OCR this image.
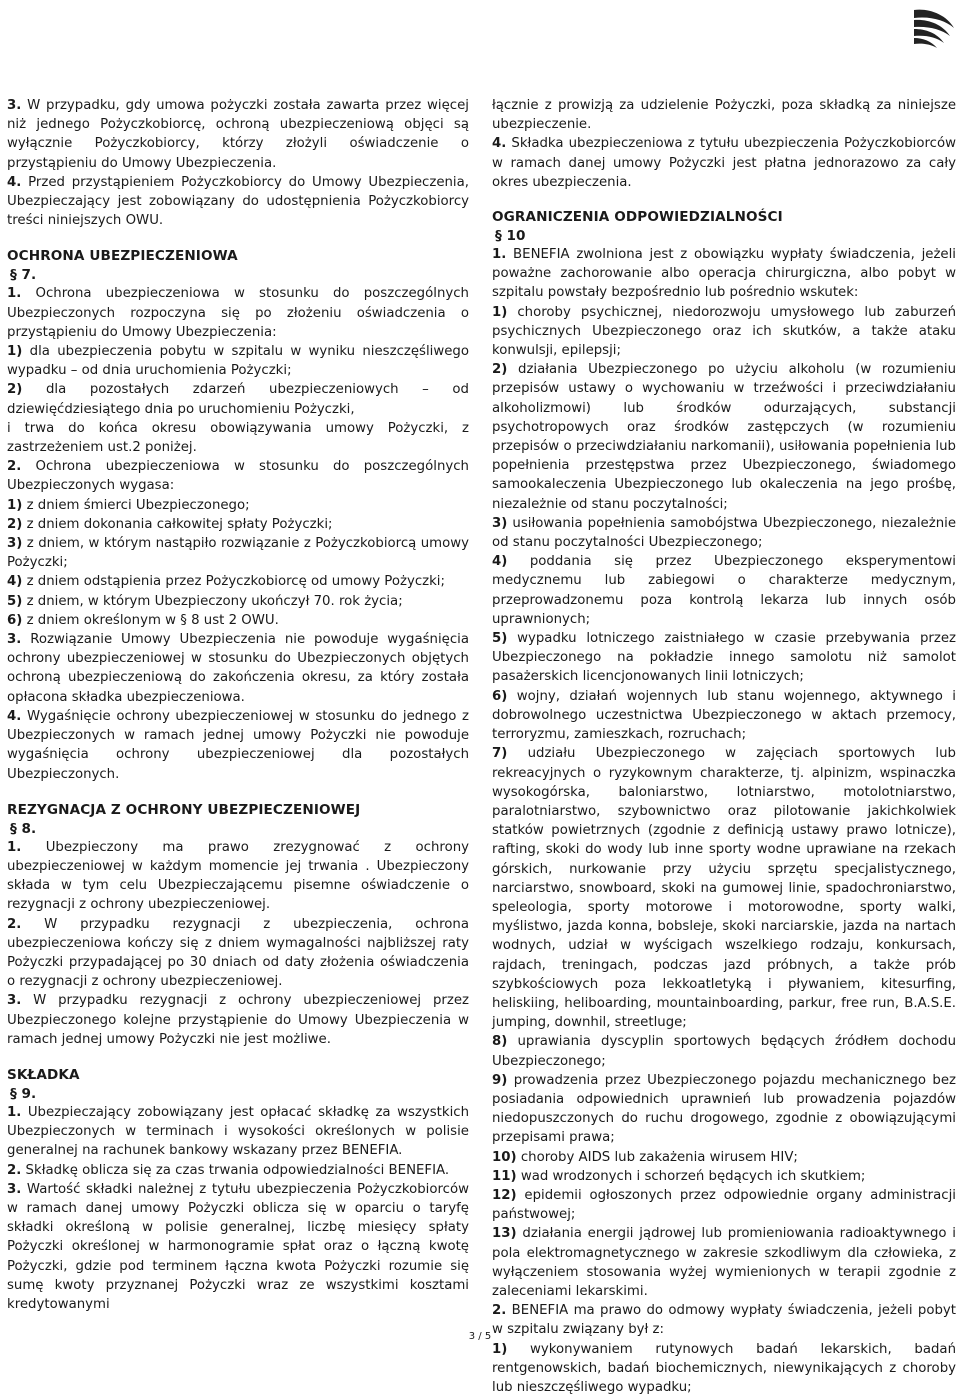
3. W przypadku, gdy umowa pożyczki została zawarta przez więcej niż jednego Pożyczkobiorcę, ochroną ubezpieczeniową objęci są wyłącznie Pożyczkobiorcy, którzy złożyli oświadczenie o przystąpieniu do Umowy Ubezpieczenia.

4. Przed przystąpieniem Pożyczkobiorcy do Umowy Ubezpieczenia, Ubezpieczający jest zobowiązany do udostępnienia Pożyczkobiorcy treści niniejszych OWU.

OCHRONA UBEZPIECZENIOWA
§ 7.

1. Ochrona ubezpieczeniowa w stosunku do poszczególnych Ubezpieczonych rozpoczyna się po złożeniu oświadczenia o przystąpieniu do Umowy Ubezpieczenia:

1) dla ubezpieczenia pobytu w szpitalu w wyniku nieszczęśliwego wypadku – od dnia uruchomienia Pożyczki;

2) dla pozostałych zdarzeń ubezpieczeniowych – od dziewięćdziesiątego dnia po uruchomieniu Pożyczki,

i trwa do końca okresu obowiązywania umowy Pożyczki, z zastrzeżeniem ust.2 poniżej.

2. Ochrona ubezpieczeniowa w stosunku do poszczególnych Ubezpieczonych wygasa:

1) z dniem śmierci Ubezpieczonego;

2) z dniem dokonania całkowitej spłaty Pożyczki;

3) z dniem, w którym nastąpiło rozwiązanie z Pożyczkobiorcą umowy Pożyczki;

4) z dniem odstąpienia przez Pożyczkobiorcę od umowy Pożyczki;

5) z dniem, w którym Ubezpieczony ukończył 70. rok życia;

6) z dniem określonym w § 8 ust 2 OWU.

3. Rozwiązanie Umowy Ubezpieczenia nie powoduje wygaśnięcia ochrony ubezpieczeniowej w stosunku do Ubezpieczonych objętych ochroną ubezpieczeniową do zakończenia okresu, za który została opłacona składka ubezpieczeniowa.

4. Wygaśnięcie ochrony ubezpieczeniowej w stosunku do jednego z Ubezpieczonych w ramach jednej umowy Pożyczki nie powoduje wygaśnięcia ochrony ubezpieczeniowej dla pozostałych Ubezpieczonych.

REZYGNACJA Z OCHRONY UBEZPIECZENIOWEJ
§ 8.

1. Ubezpieczony ma prawo zrezygnować z ochrony ubezpieczeniowej w każdym momencie jej trwania . Ubezpieczony składa w tym celu Ubezpieczającemu pisemne oświadczenie o rezygnacji z ochrony ubezpieczeniowej.

2. W przypadku rezygnacji z ubezpieczenia, ochrona ubezpieczeniowa kończy się z dniem wymagalności najbliższej raty Pożyczki przypadającej po 30 dniach od daty złożenia oświadczenia o rezygnacji z ochrony ubezpieczeniowej.

3. W przypadku rezygnacji z ochrony ubezpieczeniowej przez Ubezpieczonego kolejne przystąpienie do Umowy Ubezpieczenia w ramach jednej umowy Pożyczki nie jest możliwe.

SKŁADKA
§ 9.

1. Ubezpieczający zobowiązany jest opłacać składkę za wszystkich Ubezpieczonych w terminach i wysokości określonych w polisie generalnej na rachunek bankowy wskazany przez BENEFIA.

2. Składkę oblicza się za czas trwania odpowiedzialności BENEFIA.

3. Wartość składki należnej z tytułu ubezpieczenia Pożyczkobiorców w ramach danej umowy Pożyczki oblicza się w oparciu o taryfę składki określoną w polisie generalnej, liczbę miesięcy spłaty Pożyczki określonej w harmonogramie spłat oraz o łączną kwotę Pożyczki, gdzie pod terminem łączna kwota Pożyczki rozumie się sumę kwoty przyznanej Pożyczki wraz ze wszystkimi kosztami kredytowanymi

łącznie z prowizją za udzielenie Pożyczki, poza składką za niniejsze ubezpieczenie.

4. Składka ubezpieczeniowa z tytułu ubezpieczenia Pożyczkobiorców w ramach danej umowy Pożyczki jest płatna jednorazowo za cały okres ubezpieczenia.

OGRANICZENIA ODPOWIEDZIALNOŚCI
§ 10

1. BENEFIA zwolniona jest z obowiązku wypłaty świadczenia, jeżeli poważne zachorowanie albo operacja chirurgiczna, albo pobyt w szpitalu powstały bezpośrednio lub pośrednio wskutek:

1) choroby psychicznej, niedorozwoju umysłowego lub zaburzeń psychicznych Ubezpieczonego oraz ich skutków, a także ataku konwulsji, epilepsji;

2) działania Ubezpieczonego po użyciu alkoholu (w rozumieniu przepisów ustawy o wychowaniu w trzeźwości i przeciwdziałaniu alkoholizmowi) lub środków odurzających, substancji psychotropowych oraz środków zastępczych (w rozumieniu przepisów o przeciwdziałaniu narkomanii), usiłowania popełnienia lub popełnienia przestępstwa przez Ubezpieczonego, świadomego samookaleczenia Ubezpieczonego lub okaleczenia na jego prośbę, niezależnie od stanu poczytalności;

3) usiłowania popełnienia samobójstwa Ubezpieczonego, niezależnie od stanu poczytalności Ubezpieczonego;

4) poddania się przez Ubezpieczonego eksperymentowi medycznemu lub zabiegowi o charakterze medycznym, przeprowadzonemu poza kontrolą lekarza lub innych osób uprawnionych;

5) wypadku lotniczego zaistniałego w czasie przebywania przez Ubezpieczonego na pokładzie innego samolotu niż samolot pasażerskich licencjonowanych linii lotniczych;

6) wojny, działań wojennych lub stanu wojennego, aktywnego i dobrowolnego uczestnictwa Ubezpieczonego w aktach przemocy, terroryzmu, zamieszkach, rozruchach;

7) udziału Ubezpieczonego w zajęciach sportowych lub rekreacyjnych o ryzykownym charakterze, tj. alpinizm, wspinaczka wysokogórska, baloniarstwo, lotniarstwo, motolotniarstwo, paralotniarstwo, szybownictwo oraz pilotowanie jakichkolwiek statków powietrznych (zgodnie z definicją ustawy prawo lotnicze), rafting, skoki do wody lub inne sporty wodne uprawiane na rzekach górskich, nurkowanie przy użyciu sprzętu specjalistycznego, narciarstwo, snowboard, skoki na gumowej linie, spadochroniarstwo, speleologia, sporty motorowe i motorowodne, sporty walki, myślistwo, jazda konna, bobsleje, skoki narciarskie, jazda na nartach wodnych, udział w wyścigach wszelkiego rodzaju, konkursach, rajdach, treningach, podczas jazd próbnych, a także prób szybkościowych poza lekkoatletyką i pływaniem, kitesurfing, heliskiing, heliboarding, mountainboarding, parkur, free run, B.A.S.E. jumping, downhil, streetluge;

8) uprawiania dyscyplin sportowych będących źródłem dochodu Ubezpieczonego;

9) prowadzenia przez Ubezpieczonego pojazdu mechanicznego bez posiadania odpowiednich uprawnień lub prowadzenia pojazdów niedopuszczonych do ruchu drogowego, zgodnie z obowiązującymi przepisami prawa;

10) choroby AIDS lub zakażenia wirusem HIV;

11) wad wrodzonych i schorzeń będących ich skutkiem;

12) epidemii ogłoszonych przez odpowiednie organy administracji państwowej;

13) działania energii jądrowej lub promieniowania radioaktywnego i pola elektromagnetycznego w zakresie szkodliwym dla człowieka, z wyłączeniem stosowania wyżej wymienionych w terapii zgodnie z zaleceniami lekarskimi.

2. BENEFIA ma prawo do odmowy wypłaty świadczenia, jeżeli pobyt w szpitalu związany był z:

1) wykonywaniem rutynowych badań lekarskich, badań rentgenowskich, badań biochemicznych, niewynikających z choroby lub nieszczęśliwego wypadku;

3 / 5
